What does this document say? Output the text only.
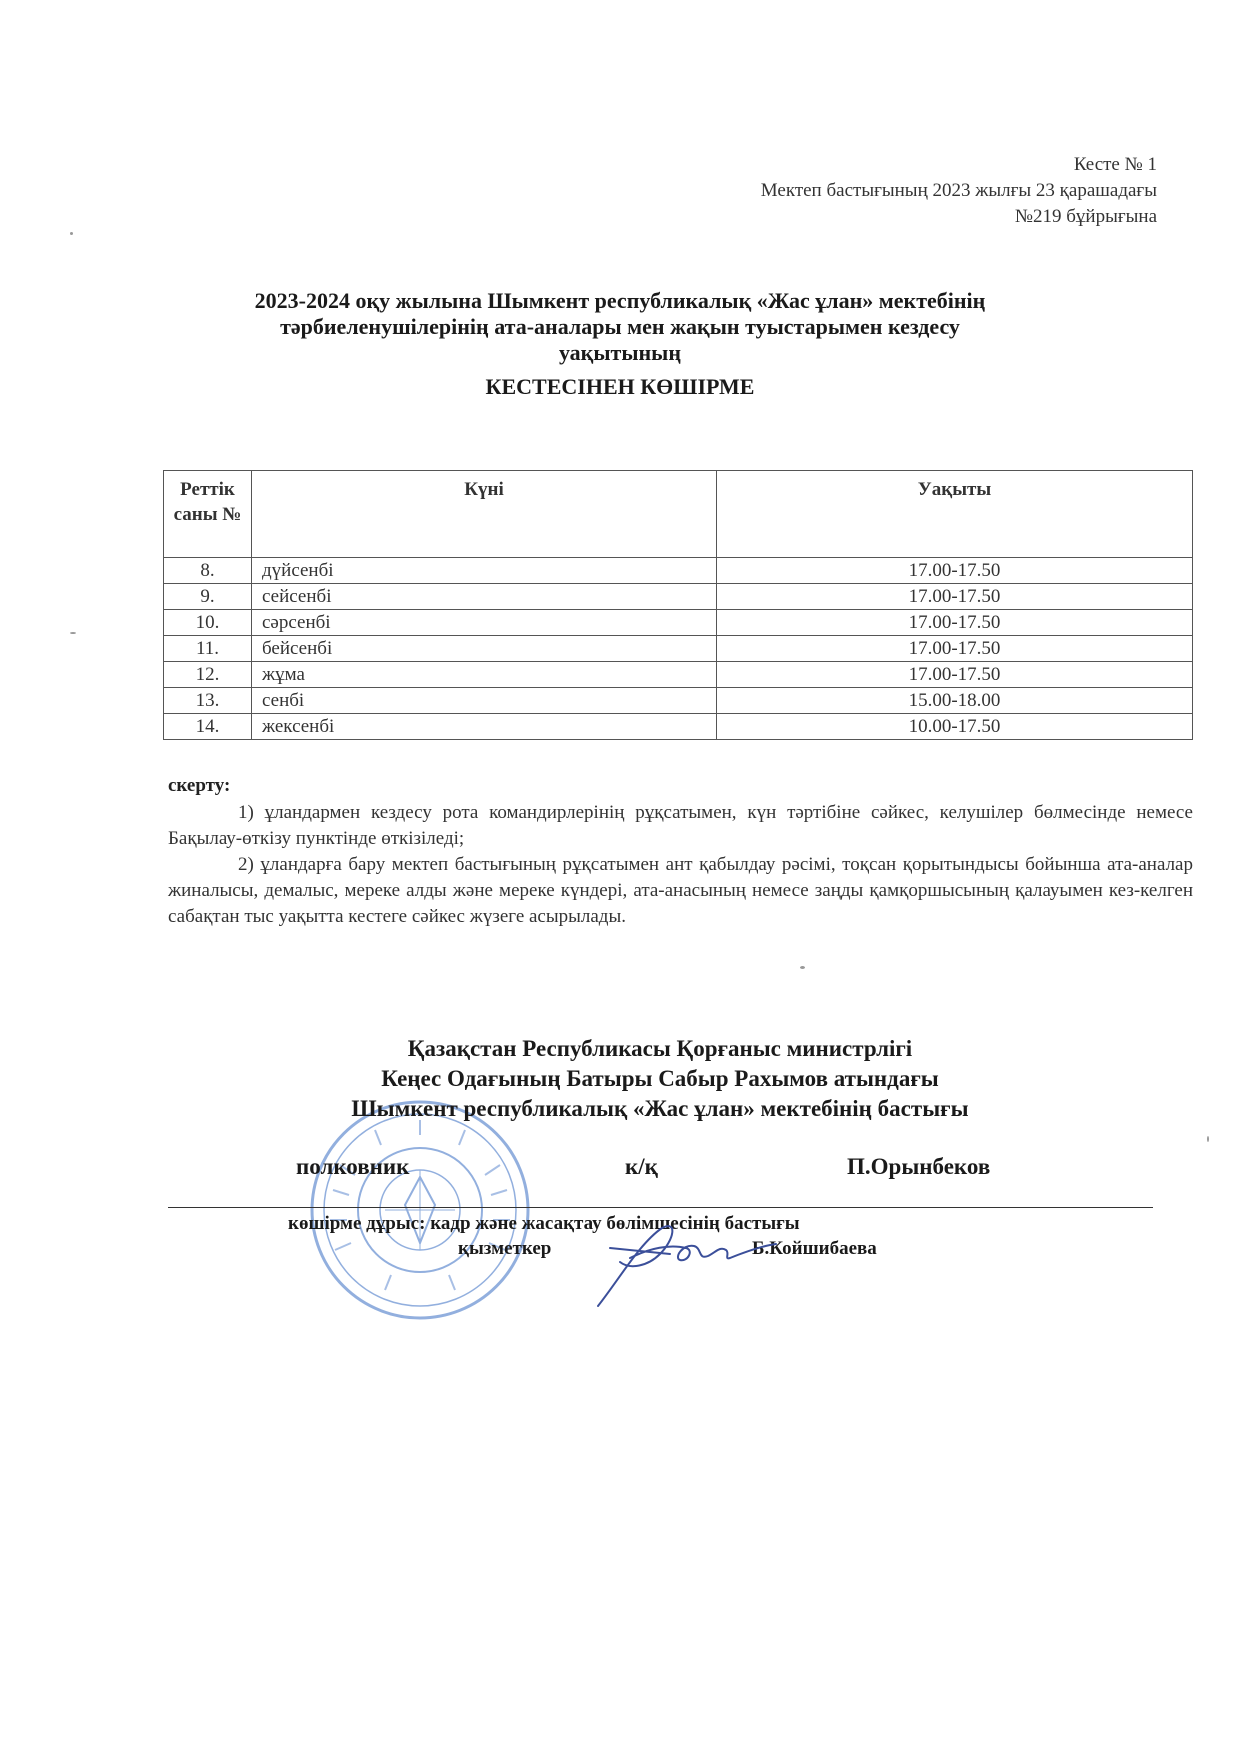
Кесте № 1
Мектеп бастығының 2023 жылғы 23 қарашадағы
№219 бұйрығына
2023-2024 оқу жылына Шымкент республикалық «Жас ұлан» мектебінің
тәрбиеленушілерінің ата-аналары мен жақын туыстарымен кездесу
уақытының
КЕСТЕСІНЕН КӨШІРМЕ
Реттік саны №	Күні	Уақыты
8.	дүйсенбі	17.00-17.50
9.	сейсенбі	17.00-17.50
10.	сәрсенбі	17.00-17.50
11.	бейсенбі	17.00-17.50
12.	жұма	17.00-17.50
13.	сенбі	15.00-18.00
14.	жексенбі	10.00-17.50
скерту:

1) ұландармен кездесу рота командирлерінің рұқсатымен, күн тәртібіне сәйкес, келушілер бөлмесінде немесе Бақылау-өткізу пунктінде өткізіледі;

2) ұландарға бару мектеп бастығының рұқсатымен ант қабылдау рәсімі, тоқсан қорытындысы бойынша ата-аналар жиналысы, демалыс, мереке алды және мереке күндері, ата-анасының немесе заңды қамқоршысының қалауымен кез-келген сабақтан тыс уақытта кестеге сәйкес жүзеге асырылады.

Қазақстан Республикасы Қорғаныс министрлігі
Кеңес Одағының Батыры Сабыр Рахымов атындағы
Шымкент республикалық «Жас ұлан» мектебінің бастығы
полковник	к/қ	П.Орынбеков
көшірме дұрыс: кадр және жасақтау бөлімшесінің бастығы
қызметкер	Б.Койшибаева
